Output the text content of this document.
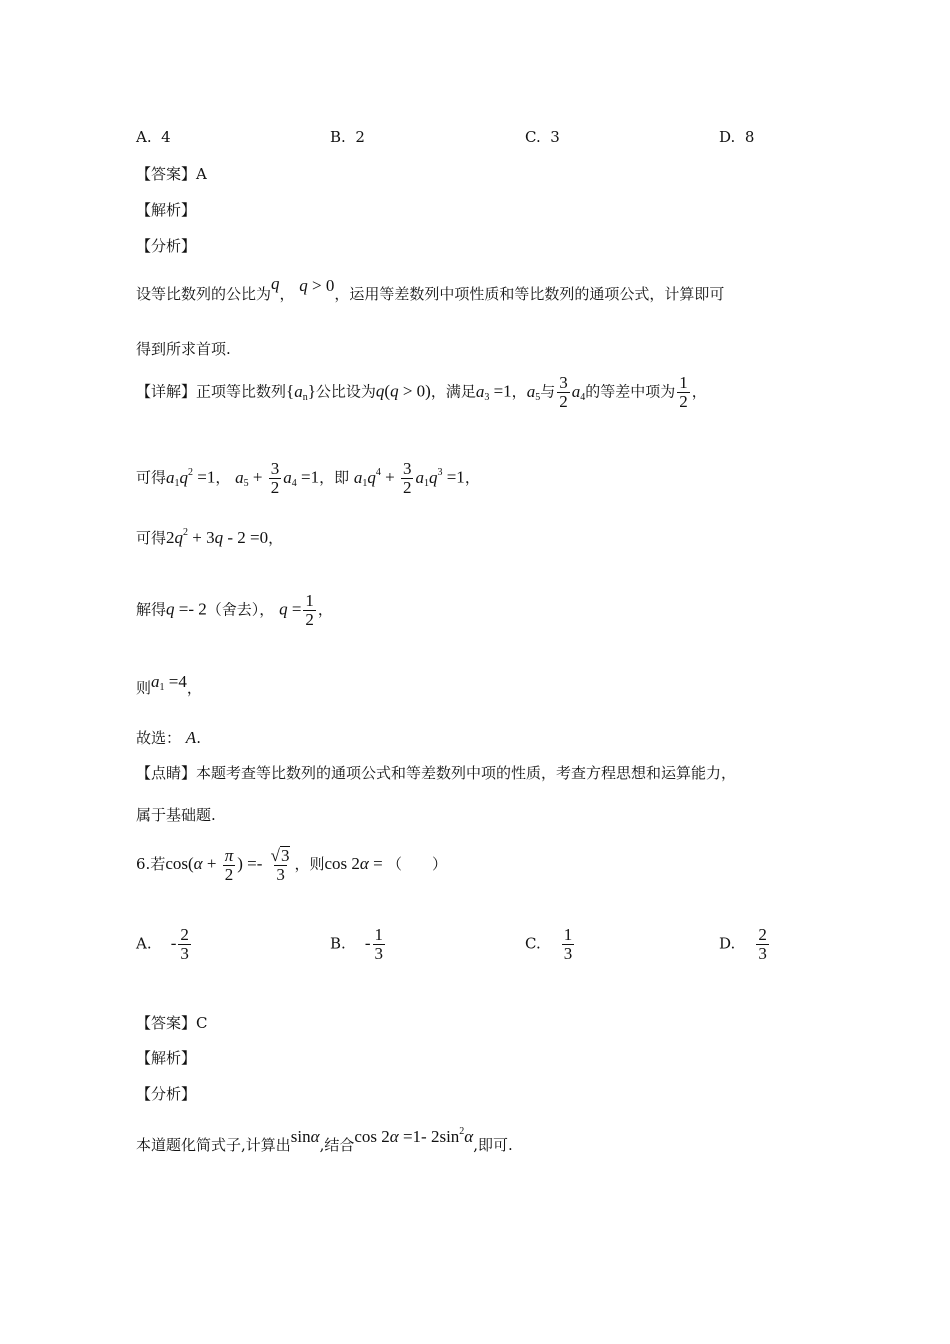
A. 4	B. 2	C. 3	D. 8
【答案】A
【解析】
【分析】
设等比数列的公比为q， q > 0，运用等差数列中项性质和等比数列的通项公式，计算即可
得到所求首项.
【详解】正项等比数列$\{a_n\}$公比设为q(q > 0)，满足$a_3 =1$，$a_5$与 $\frac{3}{2} a_4$的等差中项为 $\frac{1}{2}$ ，
可得$a_1q^2 =1$， $a_5 + \frac{3}{2} a_4 =1$，即 $a_1q^4 + \frac{3}{2} a_1q^3 =1$，
可得$2q^2 + 3q - 2 =0$，
解得q =- 2（舍去）， $q = \frac{1}{2}$ ，
则$a_1 =4$，
故选： A.
【点睛】本题考查等比数列的通项公式和等差数列中项的性质，考查方程思想和运算能力，
属于基础题.
6.若$\cos(\alpha + \frac{\pi}{2}$ ) =- $\frac{√3}{3}$ ，则cos 2α = （　　）
A. - $\frac{2}{3}$	B. - $\frac{1}{3}$	C. $\frac{1}{3}$	D. $\frac{2}{3}$
【答案】C
【解析】
【分析】
本道题化简式子,计算出sinα,结合cos 2α =1- $2\sin^2\alpha$,即可.
